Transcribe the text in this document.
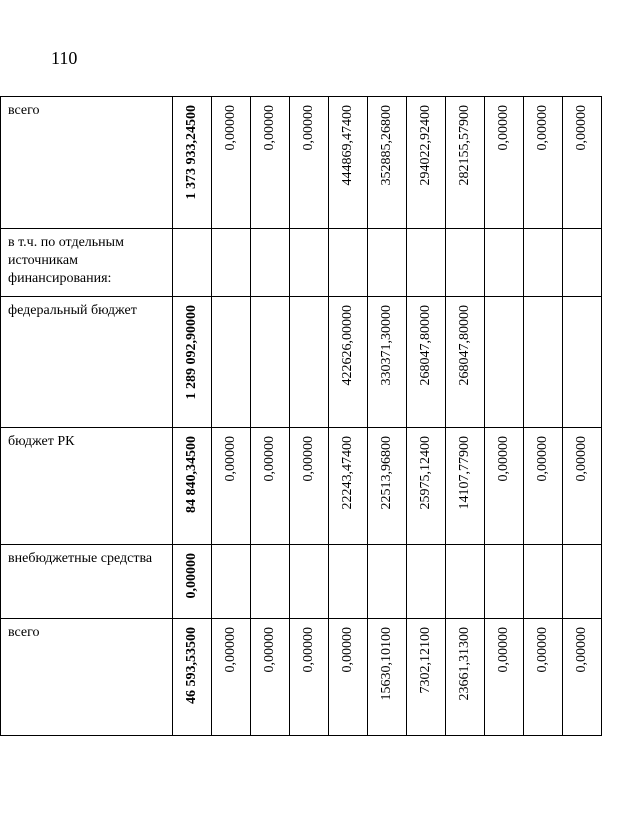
110
всего	1 373 933,24500	0,00000	0,00000	0,00000	444869,47400	352885,26800	294022,92400	282155,57900	0,00000	0,00000	0,00000

в т.ч. по отдельным источникам финансирования:											

федеральный бюджет	1 289 092,90000				422626,00000	330371,30000	268047,80000	268047,80000			

бюджет РК	84 840,34500	0,00000	0,00000	0,00000	22243,47400	22513,96800	25975,12400	14107,77900	0,00000	0,00000	0,00000

внебюджетные средства	0,00000										

всего	46 593,53500	0,00000	0,00000	0,00000	0,00000	15630,10100	7302,12100	23661,31300	0,00000	0,00000	0,00000
